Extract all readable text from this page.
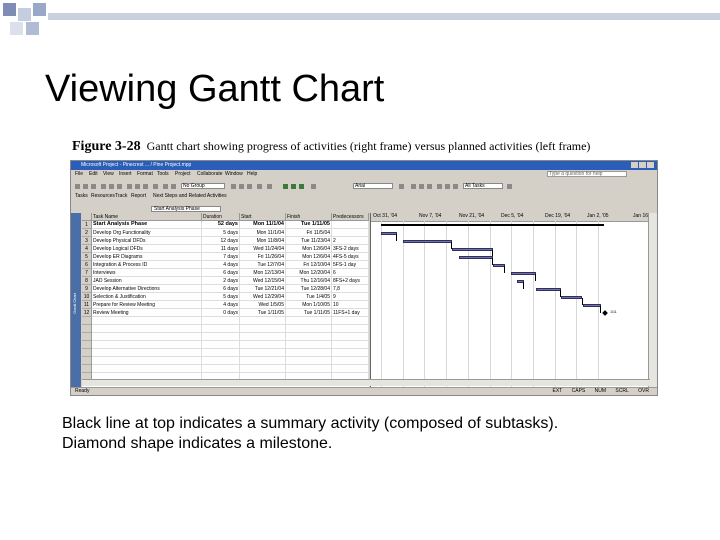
Viewing Gantt Chart
Figure 3-28 Gantt chart showing progress of activities (right frame) versus planned activities (left frame)
Microsoft Project - Pinecrest ... / Pine Project.mpp
File Edit View Insert Format Tools Project Collaborate Window Help	Type a question for help
No Group	Arial	All Tasks
Tasks Resources Track Report Next Steps and Related Activities
Start Analysis Phase
Gantt Chart
Task Name	Duration	Start	Finish	Predecessors
1 Start Analysis Phase	52 days	Mon 11/1/04	Tue 1/11/05
2	Develop Org Functionality	5 days	Mon 11/1/04	Fri 11/5/04
3	Develop Physical DFDs	12 days	Mon 11/8/04	Tue 11/23/04 2
4	Develop Logical DFDs	11 days	Wed 11/24/04	Mon 12/6/04 3FS-2 days
5	Develop ER Diagrams	7 days	Fri 11/26/04	Mon 12/6/04 4FS-5 days
6	Integration & Process ID	4 days	Tue 12/7/04	Fri 12/10/04 5FS-1 day
7	Interviews	6 days	Mon 12/13/04	Mon 12/20/04 6
8	JAD Session	2 days	Wed 12/15/04	Thu 12/16/04 8FS+2 days
9	Develop Alternative Directions	6 days	Tue 12/21/04	Tue 12/28/04 7,8
10 Selection & Justification	5 days	Wed 12/29/04	Tue 1/4/05 9
11 Prepare for Review Meeting	4 days	Wed 1/5/05	Mon 1/10/05 10
12 Review Meeting	0 days	Tue 1/11/05	Tue 1/11/05 11FS+1 day
Oct 31, '04	Nov 7, '04	Nov 21, '04	Dec 5, '04	Dec 19, '04	Jan 2, '05	Jan 16
1/11
Ready	EXT CAPS NUM SCRL OVR
Black line at top indicates a summary activity (composed of subtasks).
Diamond shape indicates a milestone.
